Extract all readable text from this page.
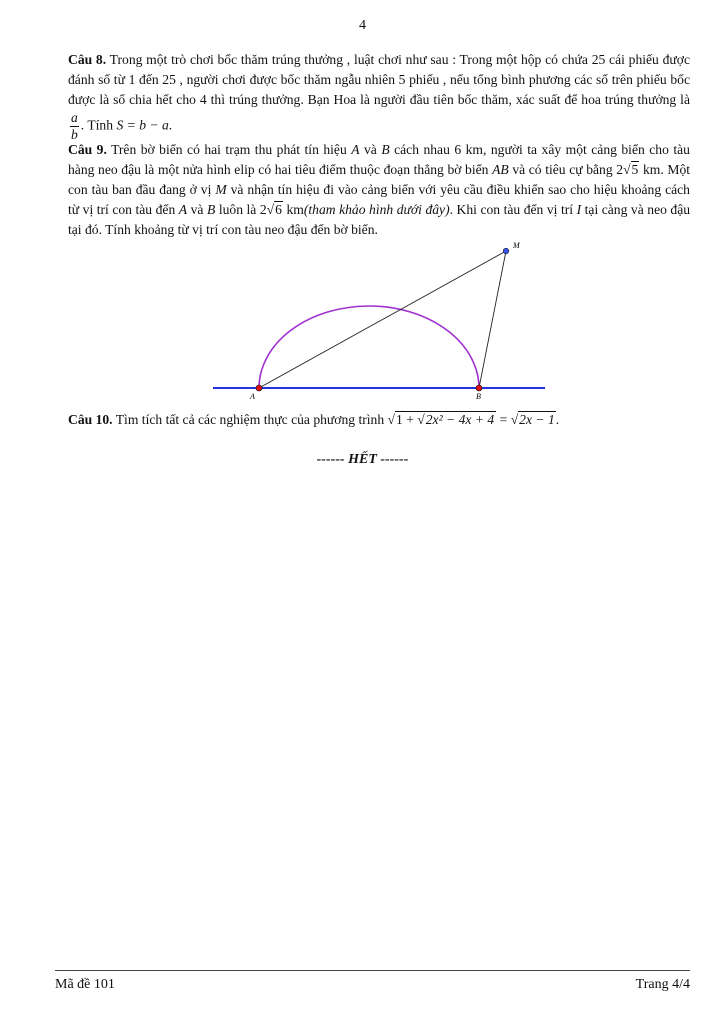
4
Câu 8. Trong một trò chơi bốc thăm trúng thưởng , luật chơi như sau : Trong một hộp có chứa 25 cái phiếu được đánh số từ 1 đến 25 , người chơi được bốc thăm ngẫu nhiên 5 phiếu , nếu tổng bình phương các số trên phiếu bốc được là số chia hết cho 4 thì trúng thưởng. Bạn Hoa là người đầu tiên bốc thăm, xác suất để hoa trúng thưởng là
$\frac{a}{b}$ . Tính S = b − a.
Câu 9. Trên bờ biển có hai trạm thu phát tín hiệu A và B cách nhau 6 km, người ta xây một cảng biển cho tàu hàng neo đậu là một nửa hình elip có hai tiêu điểm thuộc đoạn thẳng bờ biển AB và có tiêu cự bằng 2√5 km. Một con tàu ban đầu đang ở vị M và nhận tín hiệu đi vào cảng biển với yêu cầu điều khiển sao cho hiệu khoảng cách từ vị trí con tàu đến A và B luôn là 2√6 km(tham khảo hình dưới đây). Khi con tàu đến vị trí I tại càng và neo đậu tại đó. Tính khoảng từ vị trí con tàu neo đậu đến bờ biển.
M
A	B
Câu 10. Tìm tích tất cả các nghiệm thực của phương trình √1 + √2x² − 4x + 4 = √2x − 1.
------ HẾT ------
Mã đề 101	Trang 4/4
